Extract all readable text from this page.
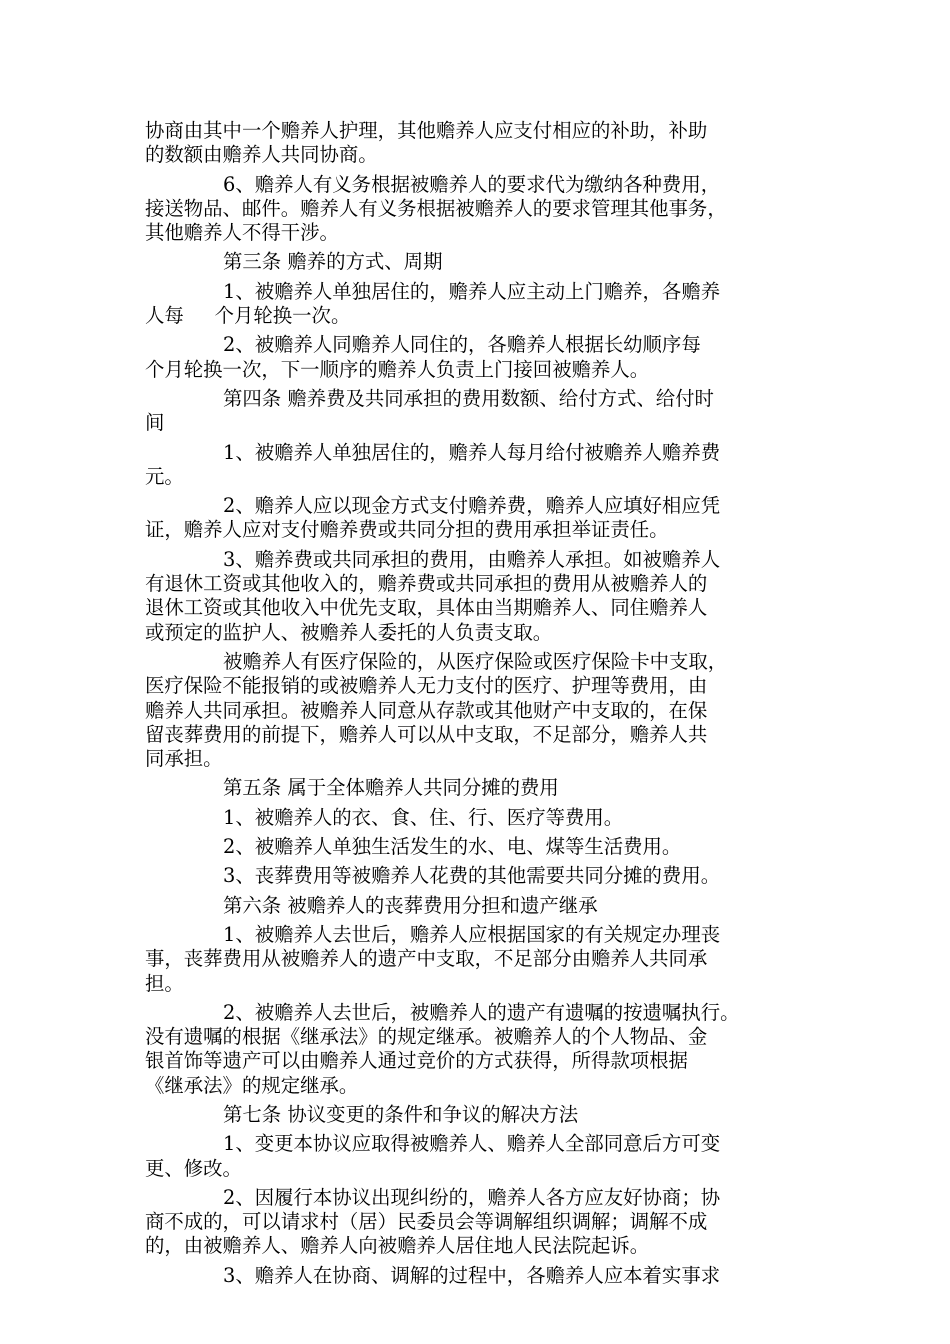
协商由其中一个赡养人护理，其他赡养人应支付相应的补助，补助
的数额由赡养人共同协商。
6、赡养人有义务根据被赡养人的要求代为缴纳各种费用，
接送物品、邮件。赡养人有义务根据被赡养人的要求管理其他事务，
其他赡养人不得干涉。
第三条 赡养的方式、周期
1、被赡养人单独居住的，赡养人应主动上门赡养，各赡养
人每     个月轮换一次。
2、被赡养人同赡养人同住的，各赡养人根据长幼顺序每
个月轮换一次，下一顺序的赡养人负责上门接回被赡养人。
第四条 赡养费及共同承担的费用数额、给付方式、给付时
间
1、被赡养人单独居住的，赡养人每月给付被赡养人赡养费
元。
2、赡养人应以现金方式支付赡养费，赡养人应填好相应凭
证，赡养人应对支付赡养费或共同分担的费用承担举证责任。
3、赡养费或共同承担的费用，由赡养人承担。如被赡养人
有退休工资或其他收入的，赡养费或共同承担的费用从被赡养人的
退休工资或其他收入中优先支取，具体由当期赡养人、同住赡养人
或预定的监护人、被赡养人委托的人负责支取。
被赡养人有医疗保险的，从医疗保险或医疗保险卡中支取，
医疗保险不能报销的或被赡养人无力支付的医疗、护理等费用，由
赡养人共同承担。被赡养人同意从存款或其他财产中支取的，在保
留丧葬费用的前提下，赡养人可以从中支取，不足部分，赡养人共
同承担。
第五条 属于全体赡养人共同分摊的费用
1、被赡养人的衣、食、住、行、医疗等费用。
2、被赡养人单独生活发生的水、电、煤等生活费用。
3、丧葬费用等被赡养人花费的其他需要共同分摊的费用。
第六条 被赡养人的丧葬费用分担和遗产继承
1、被赡养人去世后，赡养人应根据国家的有关规定办理丧
事，丧葬费用从被赡养人的遗产中支取，不足部分由赡养人共同承
担。
2、被赡养人去世后，被赡养人的遗产有遗嘱的按遗嘱执行。
没有遗嘱的根据《继承法》的规定继承。被赡养人的个人物品、金
银首饰等遗产可以由赡养人通过竞价的方式获得，所得款项根据
《继承法》的规定继承。
第七条 协议变更的条件和争议的解决方法
1、变更本协议应取得被赡养人、赡养人全部同意后方可变
更、修改。
2、因履行本协议出现纠纷的，赡养人各方应友好协商；协
商不成的，可以请求村（居）民委员会等调解组织调解；调解不成
的，由被赡养人、赡养人向被赡养人居住地人民法院起诉。
3、赡养人在协商、调解的过程中，各赡养人应本着实事求
